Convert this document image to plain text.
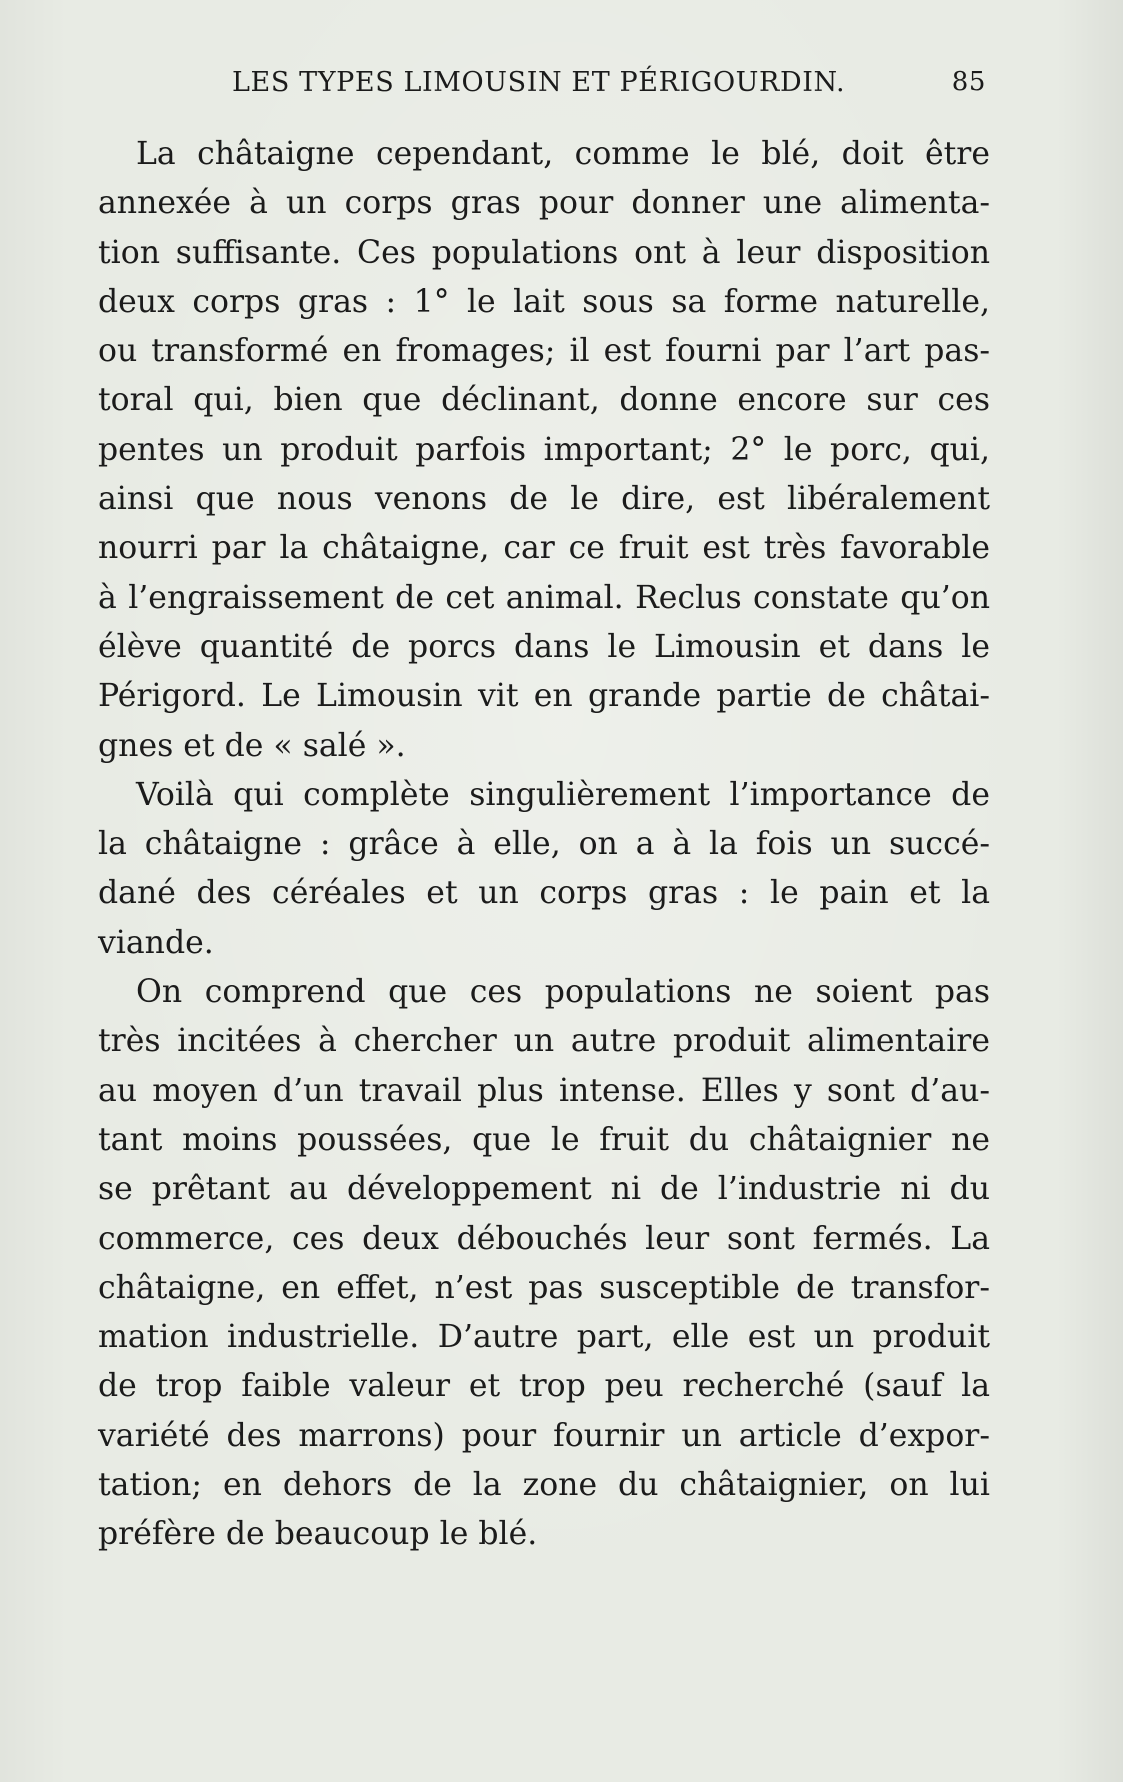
LES TYPES LIMOUSIN ET PÉRIGOURDIN.	85
La châtaigne cependant, comme le blé, doit être
annexée à un corps gras pour donner une alimenta-
tion suffisante. Ces populations ont à leur disposition
deux corps gras : 1° le lait sous sa forme naturelle,
ou transformé en fromages; il est fourni par l’art pas-
toral qui, bien que déclinant, donne encore sur ces
pentes un produit parfois important; 2° le porc, qui,
ainsi que nous venons de le dire, est libéralement
nourri par la châtaigne, car ce fruit est très favorable
à l’engraissement de cet animal. Reclus constate qu’on
élève quantité de porcs dans le Limousin et dans le
Périgord. Le Limousin vit en grande partie de châtai-
gnes et de « salé ».
Voilà qui complète singulièrement l’importance de
la châtaigne : grâce à elle, on a à la fois un succé-
dané des céréales et un corps gras : le pain et la
viande.
On comprend que ces populations ne soient pas
très incitées à chercher un autre produit alimentaire
au moyen d’un travail plus intense. Elles y sont d’au-
tant moins poussées, que le fruit du châtaignier ne
se prêtant au développement ni de l’industrie ni du
commerce, ces deux débouchés leur sont fermés. La
châtaigne, en effet, n’est pas susceptible de transfor-
mation industrielle. D’autre part, elle est un produit
de trop faible valeur et trop peu recherché (sauf la
variété des marrons) pour fournir un article d’expor-
tation; en dehors de la zone du châtaignier, on lui
préfère de beaucoup le blé.
